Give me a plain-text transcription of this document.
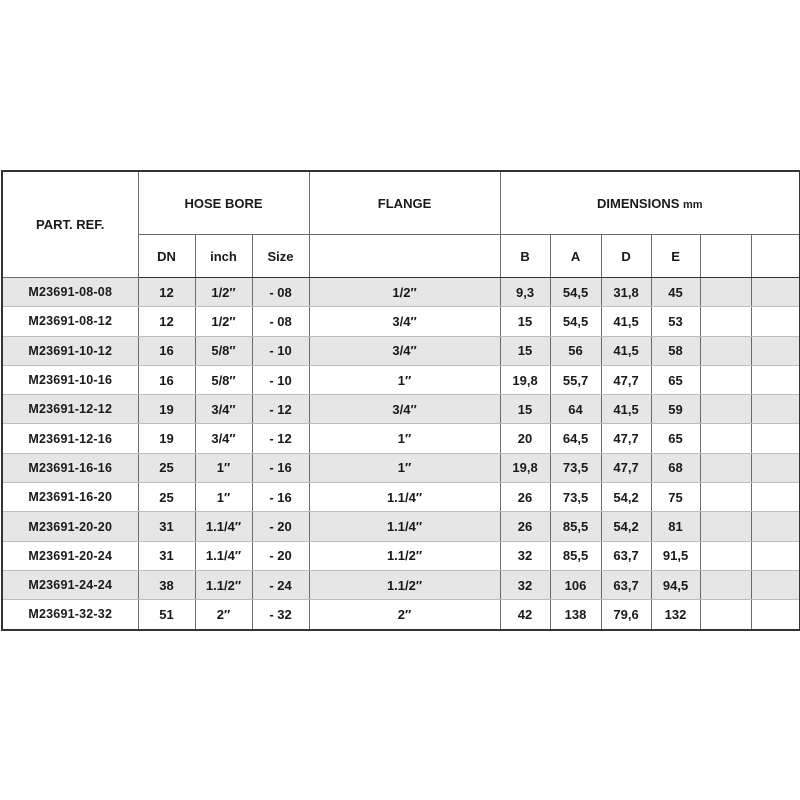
PART. REF.	HOSE BORE			FLANGE	DIMENSIONS mm					
	DN	inch	Size		B	A	D	E		
M23691-08-08	12	1/2″	- 08	1/2″	9,3	54,5	31,8	45		
M23691-08-12	12	1/2″	- 08	3/4″	15	54,5	41,5	53		
M23691-10-12	16	5/8″	- 10	3/4″	15	56	41,5	58		
M23691-10-16	16	5/8″	- 10	1″	19,8	55,7	47,7	65		
M23691-12-12	19	3/4″	- 12	3/4″	15	64	41,5	59		
M23691-12-16	19	3/4″	- 12	1″	20	64,5	47,7	65		
M23691-16-16	25	1″	- 16	1″	19,8	73,5	47,7	68		
M23691-16-20	25	1″	- 16	1.1/4″	26	73,5	54,2	75		
M23691-20-20	31	1.1/4″	- 20	1.1/4″	26	85,5	54,2	81		
M23691-20-24	31	1.1/4″	- 20	1.1/2″	32	85,5	63,7	91,5		
M23691-24-24	38	1.1/2″	- 24	1.1/2″	32	106	63,7	94,5		
M23691-32-32	51	2″	- 32	2″	42	138	79,6	132		
